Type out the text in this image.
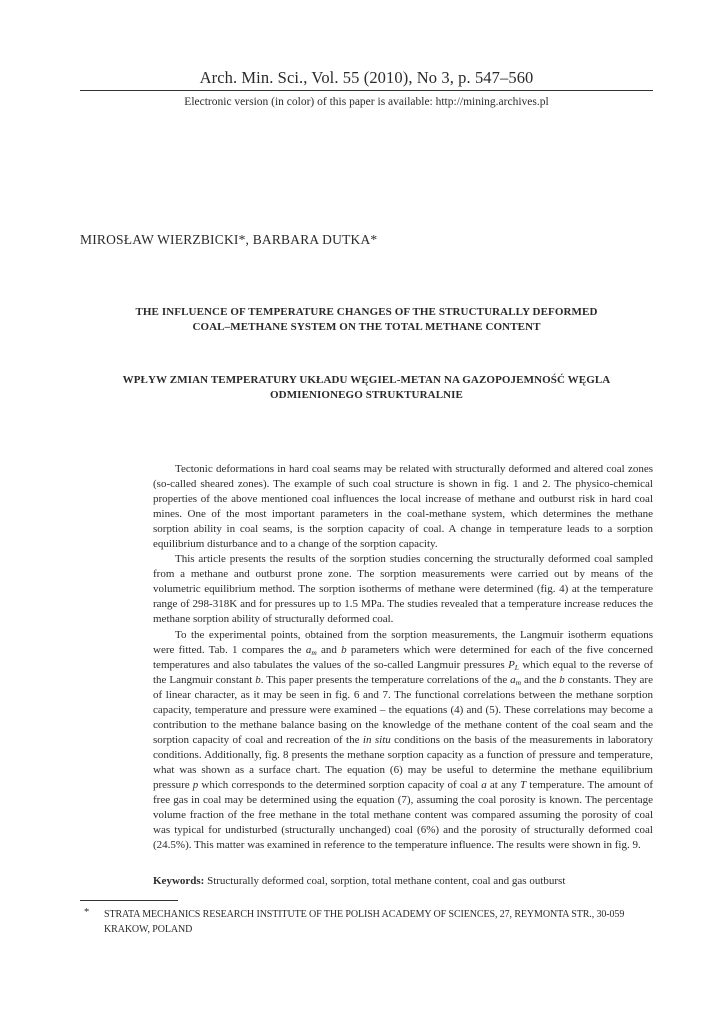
Arch. Min. Sci., Vol. 55 (2010), No 3, p. 547–560
Electronic version (in color) of this paper is available: http://mining.archives.pl
MIROSŁAW WIERZBICKI*, BARBARA DUTKA*
THE INFLUENCE OF TEMPERATURE CHANGES OF THE STRUCTURALLY DEFORMED
COAL–METHANE SYSTEM ON THE TOTAL METHANE CONTENT
WPŁYW ZMIAN TEMPERATURY UKŁADU WĘGIEL-METAN NA GAZOPOJEMNOŚĆ WĘGLA
ODMIENIONEGO STRUKTURALNIE

Tectonic deformations in hard coal seams may be related with structurally deformed and altered coal zones (so-called sheared zones). The example of such coal structure is shown in fig. 1 and 2. The physico-chemical properties of the above mentioned coal influences the local increase of methane and outburst risk in hard coal mines. One of the most important parameters in the coal-methane system, which determines the methane sorption ability in coal seams, is the sorption capacity of coal. A change in temperature leads to a sorption equilibrium disturbance and to a change of the sorption capacity.

This article presents the results of the sorption studies concerning the structurally deformed coal sampled from a methane and outburst prone zone. The sorption measurements were carried out by means of the volumetric equilibrium method. The sorption isotherms of methane were determined (fig. 4) at the temperature range of 298-318K and for pressures up to 1.5 MPa. The studies revealed that a temperature increase reduces the methane sorption ability of structurally deformed coal.

To the experimental points, obtained from the sorption measurements, the Langmuir isotherm equations were fitted. Tab. 1 compares the $a_m$ and b parameters which were determined for each of the five concerned temperatures and also tabulates the values of the so-called Langmuir pressures $P_L$ which equal to the reverse of the Langmuir constant b. This paper presents the temperature correlations of the $a_m$ and the b constants. They are of linear character, as it may be seen in fig. 6 and 7. The functional correlations between the methane sorption capacity, temperature and pressure were examined – the equations (4) and (5). These correlations may become a contribution to the methane balance basing on the knowledge of the methane content of the coal seam and the sorption capacity of coal and recreation of the in situ conditions on the basis of the measurements in laboratory conditions. Additionally, fig. 8 presents the methane sorption capacity as a function of pressure and temperature, what was shown as a surface chart. The equation (6) may be useful to determine the methane equilibrium pressure p which corresponds to the determined sorption capacity of coal a at any T temperature. The amount of free gas in coal may be determined using the equation (7), assuming the coal porosity is known. The percentage volume fraction of the free methane in the total methane content was compared assuming the porosity of coal was typical for undisturbed (structurally unchanged) coal (6%) and the porosity of structurally deformed coal (24.5%). This matter was examined in reference to the temperature influence. The results were shown in fig. 9.

Keywords: Structurally deformed coal, sorption, total methane content, coal and gas outburst
* STRATA MECHANICS RESEARCH INSTITUTE OF THE POLISH ACADEMY OF SCIENCES, 27, REYMONTA STR., 30-059
KRAKOW, POLAND
